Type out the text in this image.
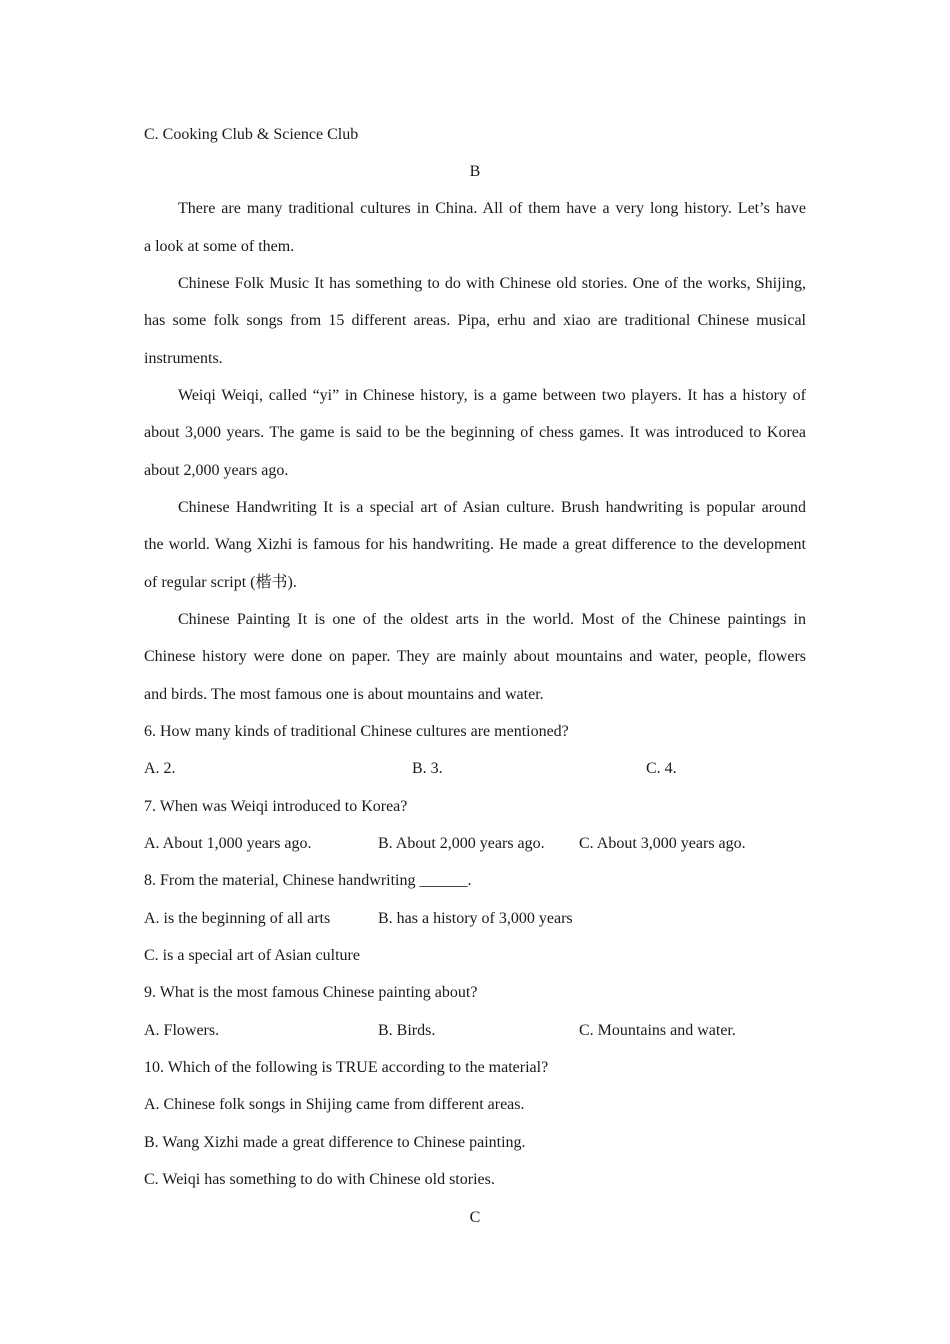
C. Cooking Club & Science Club
B
There are many traditional cultures in China. All of them have a very long history. Let’s have
a look at some of them.
Chinese Folk Music It has something to do with Chinese old stories. One of the works, Shijing,
has some folk songs from 15 different areas. Pipa, erhu and xiao are traditional Chinese musical
instruments.
Weiqi Weiqi, called “yi” in Chinese history, is a game between two players. It has a history of
about 3,000 years. The game is said to be the beginning of chess games. It was introduced to Korea
about 2,000 years ago.
Chinese Handwriting It is a special art of Asian culture. Brush handwriting is popular around
the world. Wang Xizhi is famous for his handwriting. He made a great difference to the development
of regular script (楷书).
Chinese Painting It is one of the oldest arts in the world. Most of the Chinese paintings in
Chinese history were done on paper. They are mainly about mountains and water, people, flowers
and birds. The most famous one is about mountains and water.
6. How many kinds of traditional Chinese cultures are mentioned?
A. 2.	B. 3.	C. 4.
7. When was Weiqi introduced to Korea?
A. About 1,000 years ago.	B. About 2,000 years ago. C. About 3,000 years ago.
8. From the material, Chinese handwriting ______.
A. is the beginning of all arts	B. has a history of 3,000 years
C. is a special art of Asian culture
9. What is the most famous Chinese painting about?
A. Flowers.	B. Birds.	C. Mountains and water.
10. Which of the following is TRUE according to the material?
A. Chinese folk songs in Shijing came from different areas.
B. Wang Xizhi made a great difference to Chinese painting.
C. Weiqi has something to do with Chinese old stories.
C
